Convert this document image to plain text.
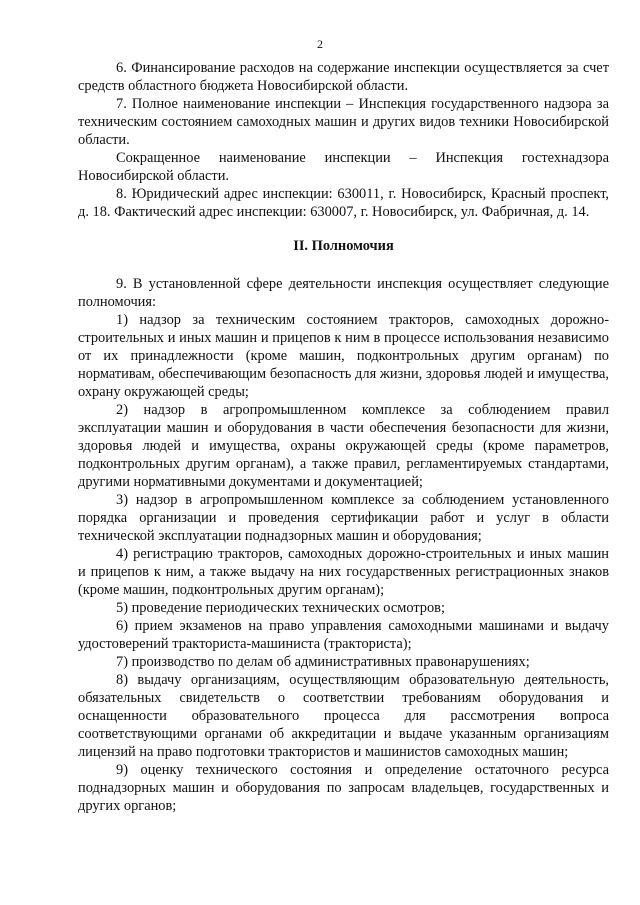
2

6. Финансирование расходов на содержание инспекции осуществляется за счет средств областного бюджета Новосибирской области.

7. Полное наименование инспекции – Инспекция государственного надзора за техническим состоянием самоходных машин и других видов техники Новосибирской области.

Сокращенное наименование инспекции – Инспекция гостехнадзора Новосибирской области.

8. Юридический адрес инспекции: 630011, г. Новосибирск, Красный проспект, д. 18. Фактический адрес инспекции: 630007, г. Новосибирск, ул. Фабричная, д. 14.

II. Полномочия

9. В установленной сфере деятельности инспекция осуществляет следующие полномочия:

1) надзор за техническим состоянием тракторов, самоходных дорожно-строительных и иных машин и прицепов к ним в процессе использования независимо от их принадлежности (кроме машин, подконтрольных другим органам) по нормативам, обеспечивающим безопасность для жизни, здоровья людей и имущества, охрану окружающей среды;

2) надзор в агропромышленном комплексе за соблюдением правил эксплуатации машин и оборудования в части обеспечения безопасности для жизни, здоровья людей и имущества, охраны окружающей среды (кроме параметров, подконтрольных другим органам), а также правил, регламентируемых стандартами, другими нормативными документами и документацией;

3) надзор в агропромышленном комплексе за соблюдением установленного порядка организации и проведения сертификации работ и услуг в области технической эксплуатации поднадзорных машин и оборудования;

4) регистрацию тракторов, самоходных дорожно-строительных и иных машин и прицепов к ним, а также выдачу на них государственных регистрационных знаков (кроме машин, подконтрольных другим органам);

5) проведение периодических технических осмотров;

6) прием экзаменов на право управления самоходными машинами и выдачу удостоверений тракториста-машиниста (тракториста);

7) производство по делам об административных правонарушениях;

8) выдачу организациям, осуществляющим образовательную деятельность, обязательных свидетельств о соответствии требованиям оборудования и оснащенности образовательного процесса для рассмотрения вопроса соответствующими органами об аккредитации и выдаче указанным организациям лицензий на право подготовки трактористов и машинистов самоходных машин;

9) оценку технического состояния и определение остаточного ресурса поднадзорных машин и оборудования по запросам владельцев, государственных и других органов;
